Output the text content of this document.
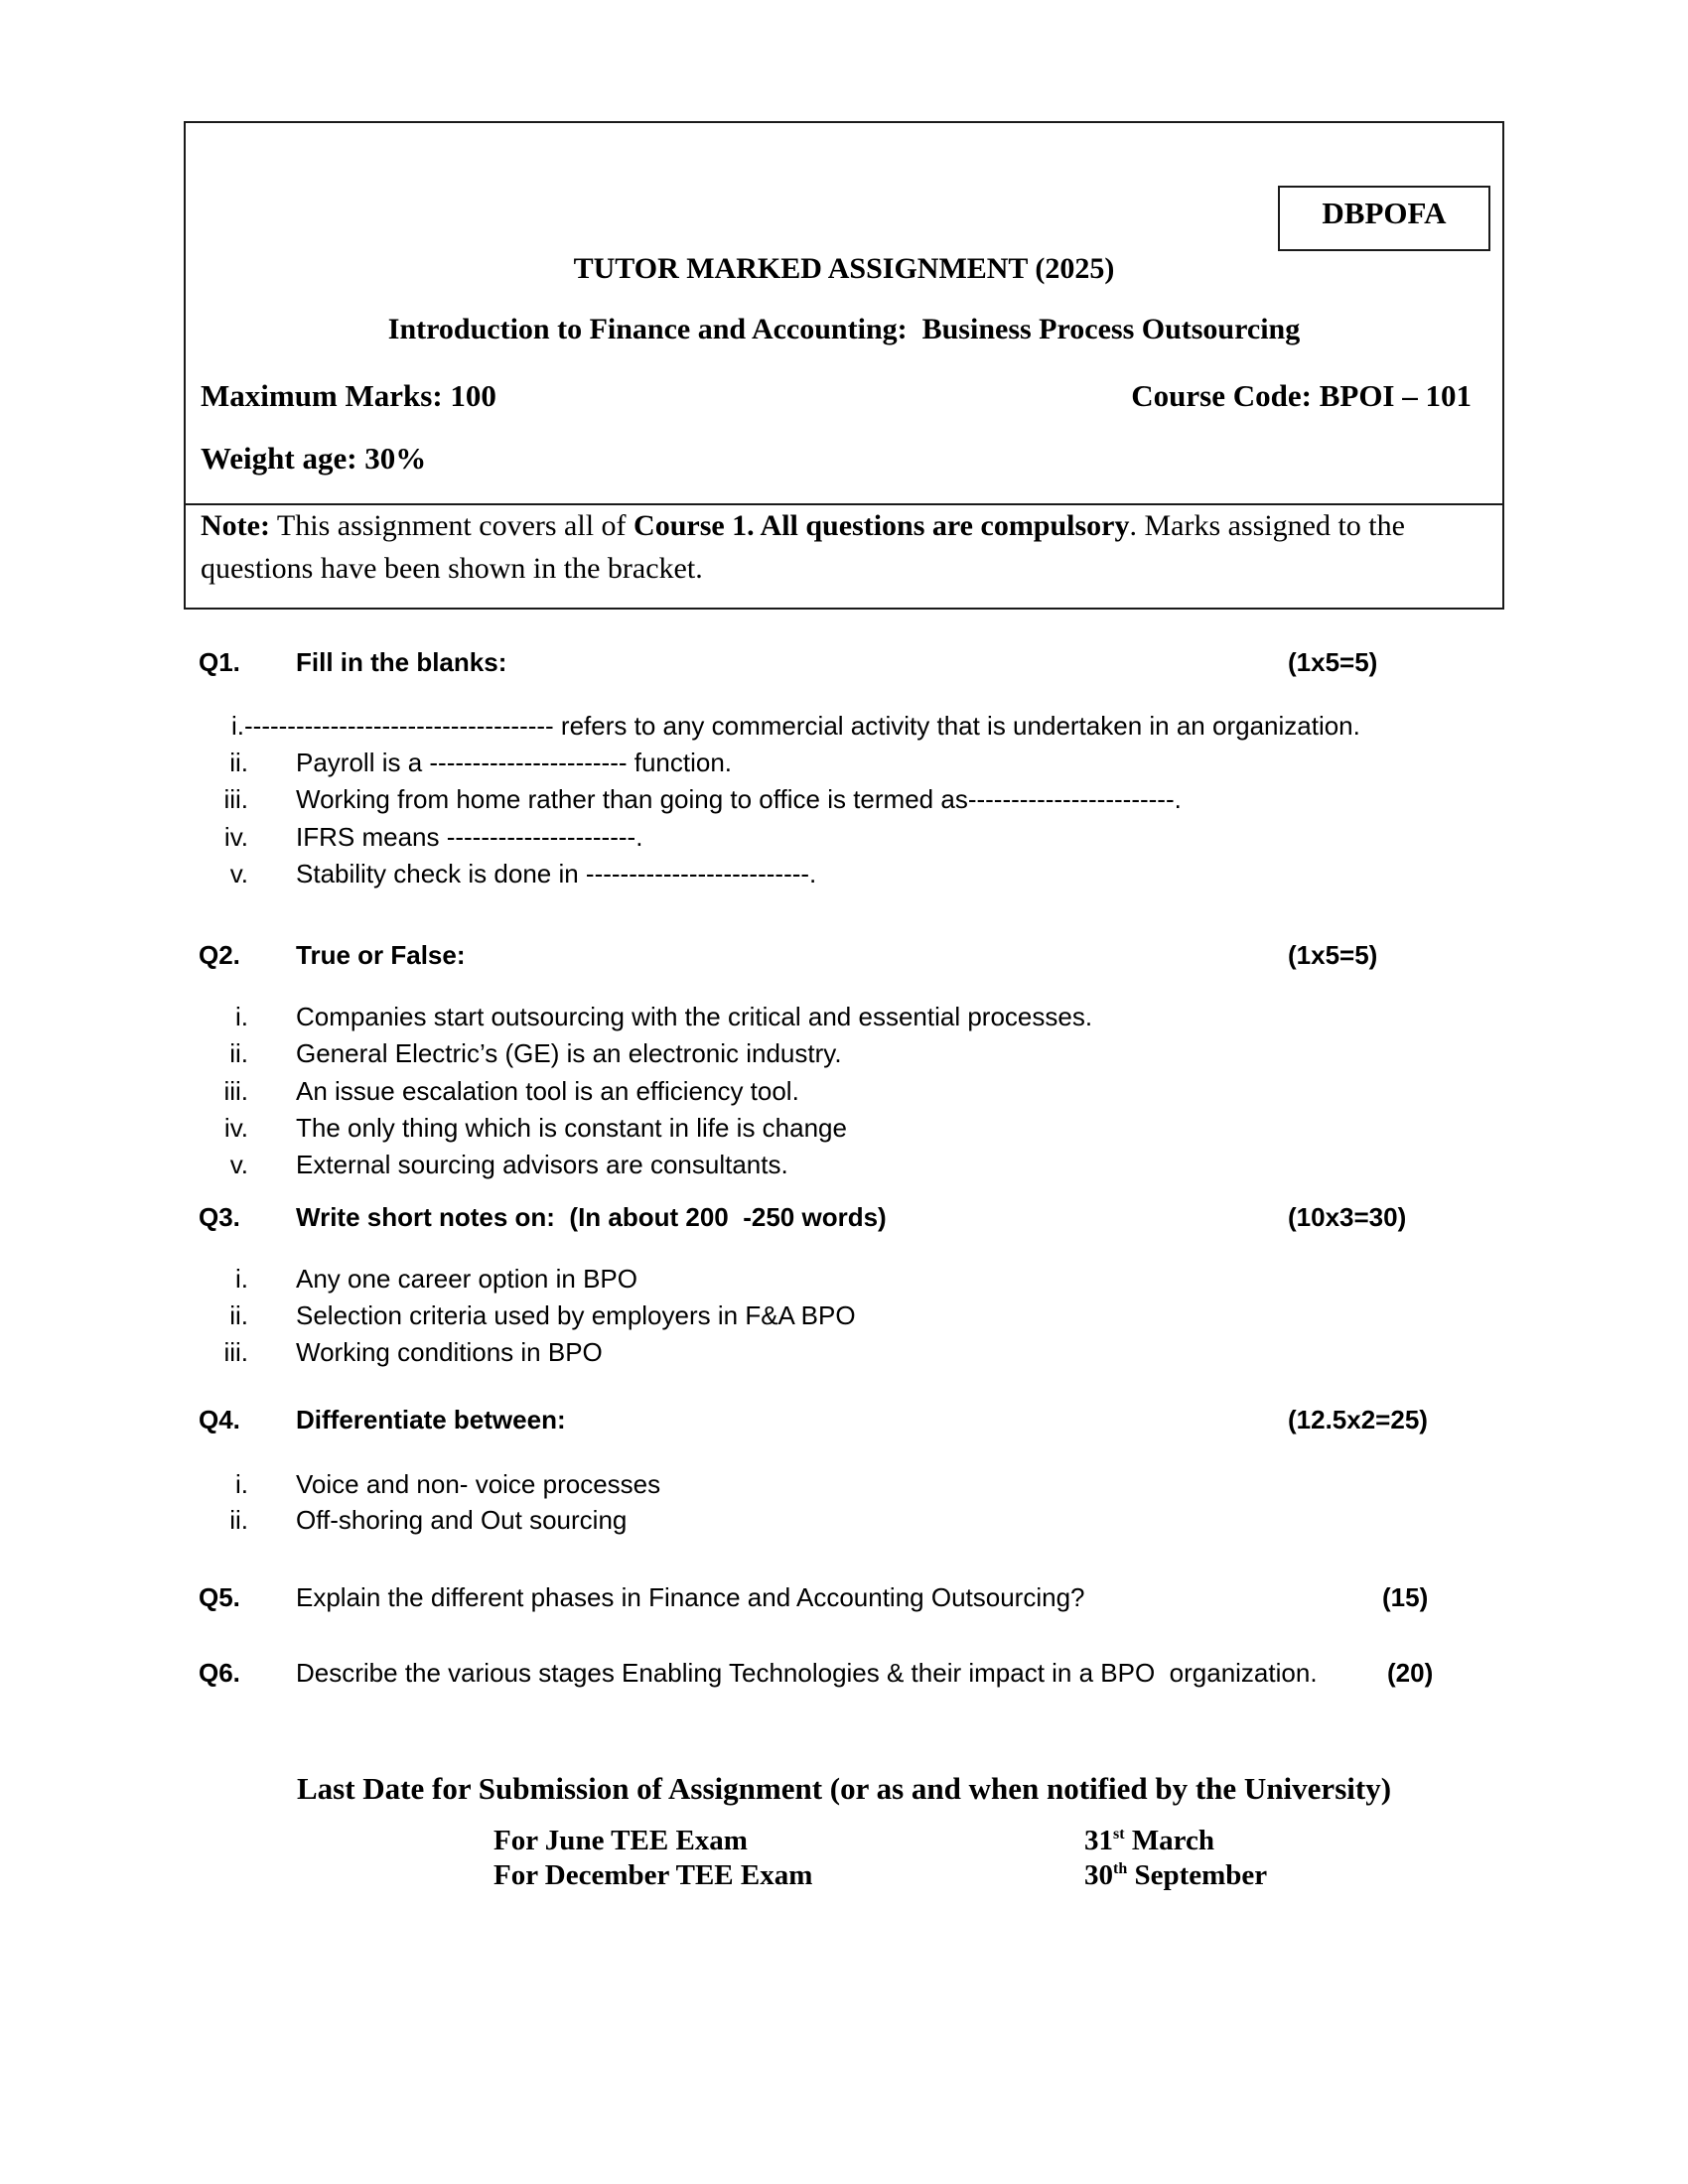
DBPOFA
TUTOR MARKED ASSIGNMENT (2025)
Introduction to Finance and Accounting:  Business Process Outsourcing
Maximum Marks: 100	Course Code: BPOI – 101
Weight age: 30%
Note: This assignment covers all of Course 1. All questions are compulsory. Marks assigned to the questions have been shown in the bracket.
Q1. Fill in the blanks:	(1x5=5)
i.------------------------------------ refers to any commercial activity that is undertaken in an organization.
ii. Payroll is a ----------------------- function.
iii. Working from home rather than going to office is termed as------------------------.
iv. IFRS means ----------------------.
v. Stability check is done in --------------------------.
Q2. True or False:	(1x5=5)
i. Companies start outsourcing with the critical and essential processes.
ii. General Electric’s (GE) is an electronic industry.
iii. An issue escalation tool is an efficiency tool.
iv. The only thing which is constant in life is change
v. External sourcing advisors are consultants.
Q3. Write short notes on:  (In about 200  -250 words)	(10x3=30)
i. Any one career option in BPO
ii. Selection criteria used by employers in F&A BPO
iii. Working conditions in BPO
Q4. Differentiate between:	(12.5x2=25)
i. Voice and non- voice processes
ii. Off-shoring and Out sourcing
Q5. Explain the different phases in Finance and Accounting Outsourcing?	(15)
Q6. Describe the various stages Enabling Technologies & their impact in a BPO  organization.	(20)
Last Date for Submission of Assignment (or as and when notified by the University)
For June TEE Exam	31st March
For December TEE Exam	30th September
